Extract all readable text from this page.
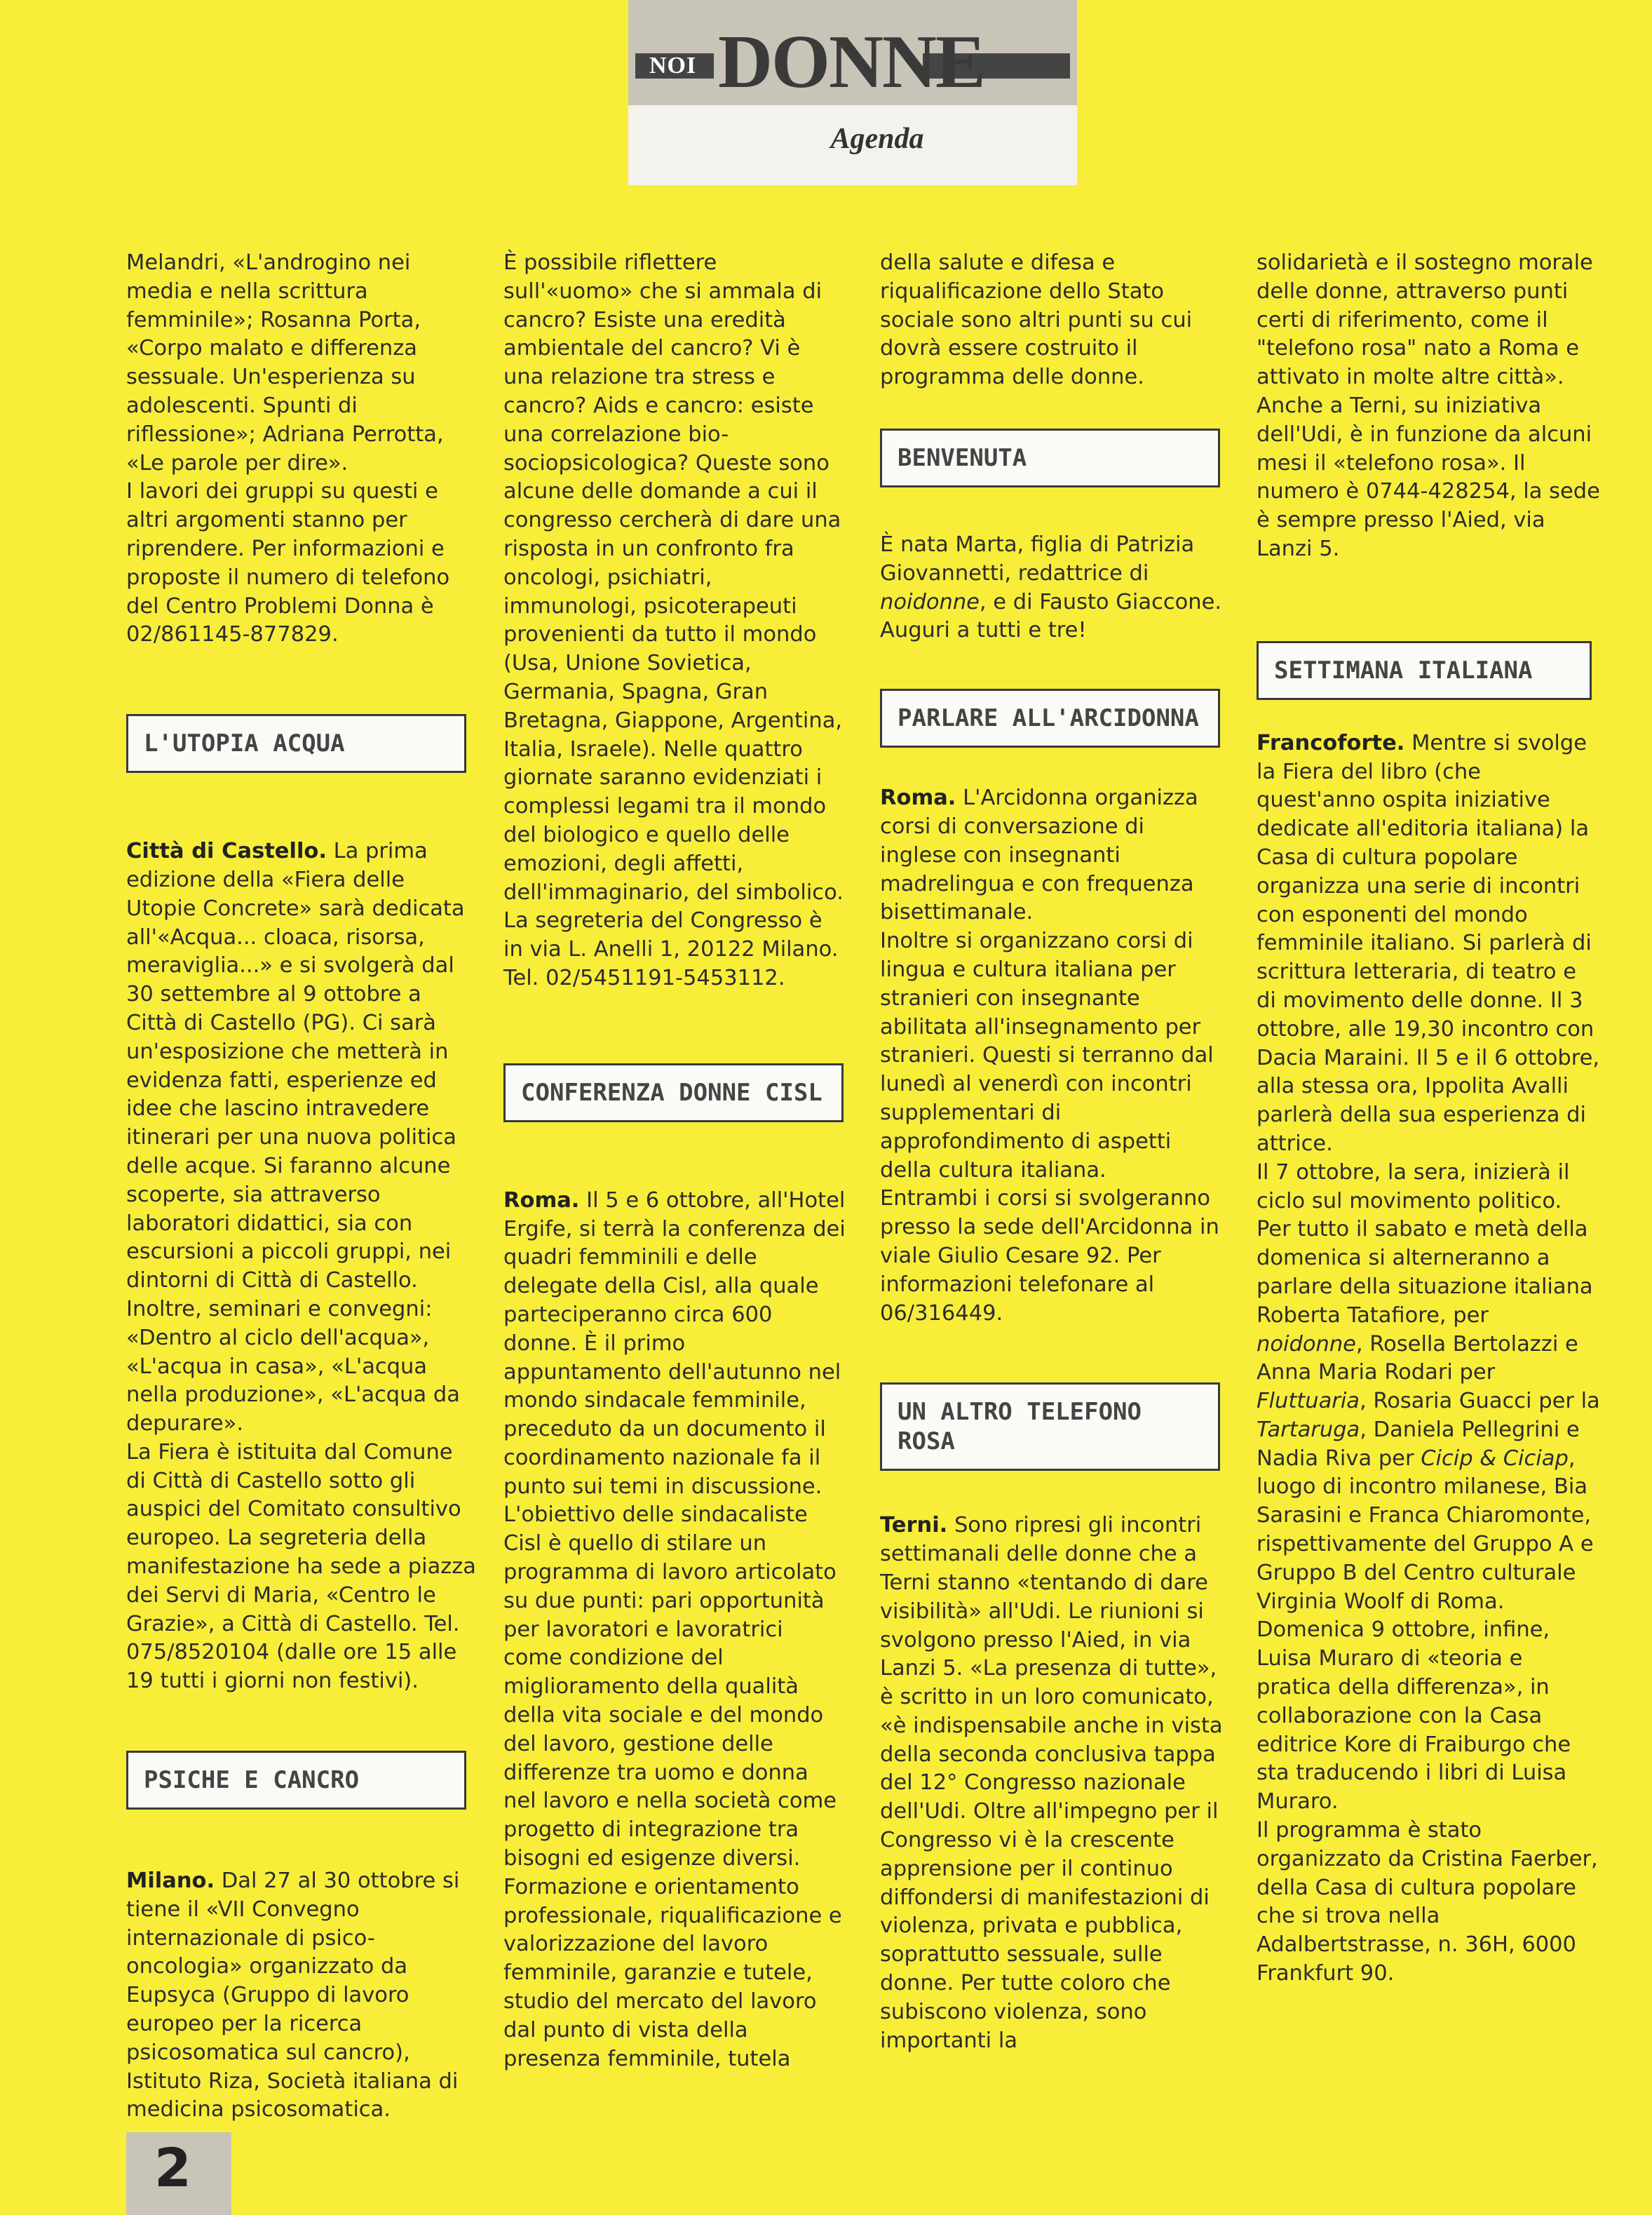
NOI DONNE
Agenda

Melandri, «L'androgino nei media e nella scrittura femminile»; Rosanna Porta, «Corpo malato e differenza sessuale. Un'esperienza su adolescenti. Spunti di riflessione»; Adriana Perrotta, «Le parole per dire».

I lavori dei gruppi su questi e altri argomenti stanno per riprendere. Per informazioni e proposte il numero di telefono del Centro Problemi Donna è 02/861145-877829.

L'UTOPIA ACQUA

Città di Castello. La prima edizione della «Fiera delle Utopie Concrete» sarà dedicata all'«Acqua... cloaca, risorsa, meraviglia...» e si svolgerà dal 30 settembre al 9 ottobre a Città di Castello (PG). Ci sarà un'esposizione che metterà in evidenza fatti, esperienze ed idee che lascino intravedere itinerari per una nuova politica delle acque. Si faranno alcune scoperte, sia attraverso laboratori didattici, sia con escursioni a piccoli gruppi, nei dintorni di Città di Castello. Inoltre, seminari e convegni: «Dentro al ciclo dell'acqua», «L'acqua in casa», «L'acqua nella produzione», «L'acqua da depurare».

La Fiera è istituita dal Comune di Città di Castello sotto gli auspici del Comitato consultivo europeo. La segreteria della manifestazione ha sede a piazza dei Servi di Maria, «Centro le Grazie», a Città di Castello. Tel. 075/8520104 (dalle ore 15 alle 19 tutti i giorni non festivi).

PSICHE E CANCRO

Milano. Dal 27 al 30 ottobre si tiene il «VII Convegno internazionale di psico-oncologia» organizzato da Eupsyca (Gruppo di lavoro europeo per la ricerca psicosomatica sul cancro), Istituto Riza, Società italiana di medicina psicosomatica.

È possibile riflettere sull'«uomo» che si ammala di cancro? Esiste una eredità ambientale del cancro? Vi è una relazione tra stress e cancro? Aids e cancro: esiste una correlazione bio-sociopsicologica? Queste sono alcune delle domande a cui il congresso cercherà di dare una risposta in un confronto fra oncologi, psichiatri, immunologi, psicoterapeuti provenienti da tutto il mondo (Usa, Unione Sovietica, Germania, Spagna, Gran Bretagna, Giappone, Argentina, Italia, Israele). Nelle quattro giornate saranno evidenziati i complessi legami tra il mondo del biologico e quello delle emozioni, degli affetti, dell'immaginario, del simbolico. La segreteria del Congresso è in via L. Anelli 1, 20122 Milano. Tel. 02/5451191-5453112.

CONFERENZA DONNE CISL

Roma. Il 5 e 6 ottobre, all'Hotel Ergife, si terrà la conferenza dei quadri femminili e delle delegate della Cisl, alla quale parteciperanno circa 600 donne. È il primo appuntamento dell'autunno nel mondo sindacale femminile, preceduto da un documento il coordinamento nazionale fa il punto sui temi in discussione. L'obiettivo delle sindacaliste Cisl è quello di stilare un programma di lavoro articolato su due punti: pari opportunità per lavoratori e lavoratrici come condizione del miglioramento della qualità della vita sociale e del mondo del lavoro, gestione delle differenze tra uomo e donna nel lavoro e nella società come progetto di integrazione tra bisogni ed esigenze diversi.

Formazione e orientamento professionale, riqualificazione e valorizzazione del lavoro femminile, garanzie e tutele, studio del mercato del lavoro dal punto di vista della presenza femminile, tutela

della salute e difesa e riqualificazione dello Stato sociale sono altri punti su cui dovrà essere costruito il programma delle donne.

BENVENUTA

È nata Marta, figlia di Patrizia Giovannetti, redattrice di noidonne, e di Fausto Giaccone. Auguri a tutti e tre!

PARLARE ALL'ARCIDONNA

Roma. L'Arcidonna organizza corsi di conversazione di inglese con insegnanti madrelingua e con frequenza bisettimanale.

Inoltre si organizzano corsi di lingua e cultura italiana per stranieri con insegnante abilitata all'insegnamento per stranieri. Questi si terranno dal lunedì al venerdì con incontri supplementari di approfondimento di aspetti della cultura italiana.

Entrambi i corsi si svolgeranno presso la sede dell'Arcidonna in viale Giulio Cesare 92. Per informazioni telefonare al 06/316449.

UN ALTRO TELEFONO ROSA

Terni. Sono ripresi gli incontri settimanali delle donne che a Terni stanno «tentando di dare visibilità» all'Udi. Le riunioni si svolgono presso l'Aied, in via Lanzi 5. «La presenza di tutte», è scritto in un loro comunicato, «è indispensabile anche in vista della seconda conclusiva tappa del 12° Congresso nazionale dell'Udi. Oltre all'impegno per il Congresso vi è la crescente apprensione per il continuo diffondersi di manifestazioni di violenza, privata e pubblica, soprattutto sessuale, sulle donne. Per tutte coloro che subiscono violenza, sono importanti la

solidarietà e il sostegno morale delle donne, attraverso punti certi di riferimento, come il "telefono rosa" nato a Roma e attivato in molte altre città».

Anche a Terni, su iniziativa dell'Udi, è in funzione da alcuni mesi il «telefono rosa». Il numero è 0744-428254, la sede è sempre presso l'Aied, via Lanzi 5.

SETTIMANA ITALIANA

Francoforte. Mentre si svolge la Fiera del libro (che quest'anno ospita iniziative dedicate all'editoria italiana) la Casa di cultura popolare organizza una serie di incontri con esponenti del mondo femminile italiano. Si parlerà di scrittura letteraria, di teatro e di movimento delle donne. Il 3 ottobre, alle 19,30 incontro con Dacia Maraini. Il 5 e il 6 ottobre, alla stessa ora, Ippolita Avalli parlerà della sua esperienza di attrice.

Il 7 ottobre, la sera, inizierà il ciclo sul movimento politico. Per tutto il sabato e metà della domenica si alterneranno a parlare della situazione italiana Roberta Tatafiore, per noidonne, Rosella Bertolazzi e Anna Maria Rodari per Fluttuaria, Rosaria Guacci per la Tartaruga, Daniela Pellegrini e Nadia Riva per Cicip & Ciciap, luogo di incontro milanese, Bia Sarasini e Franca Chiaromonte, rispettivamente del Gruppo A e Gruppo B del Centro culturale Virginia Woolf di Roma.

Domenica 9 ottobre, infine, Luisa Muraro di «teoria e pratica della differenza», in collaborazione con la Casa editrice Kore di Fraiburgo che sta traducendo i libri di Luisa Muraro.

Il programma è stato organizzato da Cristina Faerber, della Casa di cultura popolare che si trova nella Adalbertstrasse, n. 36H, 6000 Frankfurt 90.

2
